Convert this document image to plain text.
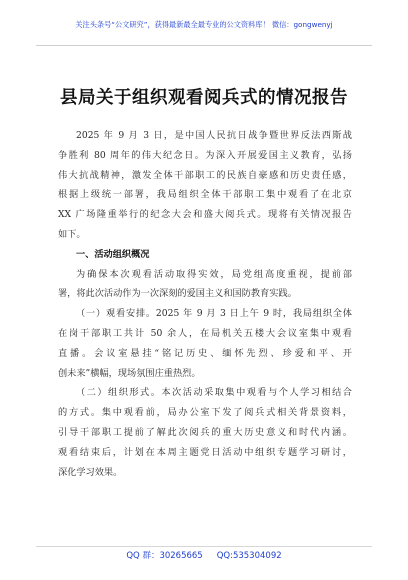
关注头条号“公文研究”，获得最新最全最专业的公文资料库！ 微信：gongwenyj
县局关于组织观看阅兵式的情况报告
2025 年 9 月 3 日，是中国人民抗日战争暨世界反法西斯战
争胜利 80 周年的伟大纪念日。为深入开展爱国主义教育，弘扬
伟大抗战精神，激发全体干部职工的民族自豪感和历史责任感，
根据上级统一部署，我局组织全体干部职工集中观看了在北京
XX 广场隆重举行的纪念大会和盛大阅兵式。现将有关情况报告
如下。
一、活动组织概况
为确保本次观看活动取得实效，局党组高度重视，提前部
署，将此次活动作为一次深刻的爱国主义和国防教育实践。
（一）观看安排。2025 年 9 月 3 日上午 9 时，我局组织全体
在岗干部职工共计 50 余人，在局机关五楼大会议室集中观看
直播。会议室悬挂“铭记历史、缅怀先烈、珍爱和平、开
创未来”横幅，现场氛围庄重热烈。
（二）组织形式。本次活动采取集中观看与个人学习相结合
的方式。集中观看前，局办公室下发了阅兵式相关背景资料，
引导干部职工提前了解此次阅兵的重大历史意义和时代内涵。
观看结束后，计划在本周主题党日活动中组织专题学习研讨，
深化学习效果。
QQ 群：30265665 QQ:535304092
